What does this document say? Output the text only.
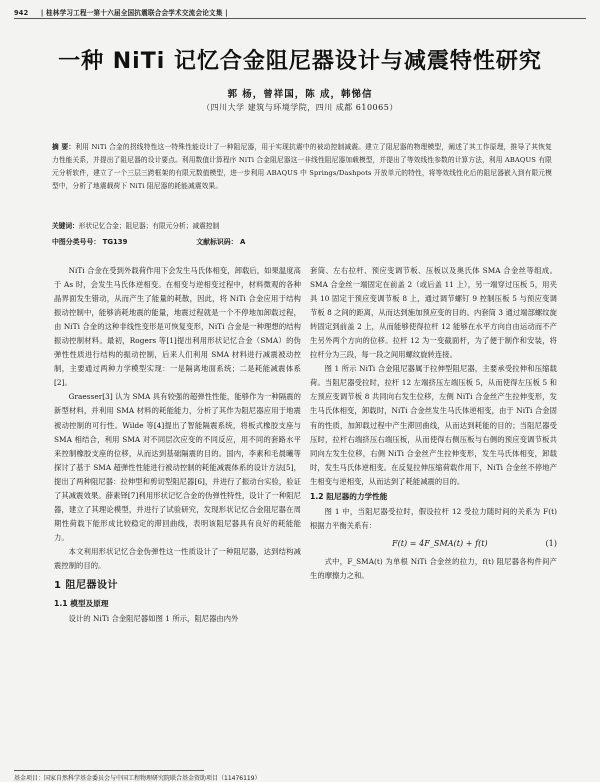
942 | 桂林学习工程一第十六届全国抗震联合会学术交流会论文集 |
一种 NiTi 记忆合金阻尼器设计与减震特性研究
郭 杨，曾祥国，陈 成，韩悌信
（四川大学 建筑与环境学院，四川 成都 610065）
摘 要：利用 NiTi 合金的拐线特性这一特殊性能设计了一种阻尼器，用于实现抗震中的被动控制减震。建立了阻尼器的物理模型，阐述了其工作原理，推导了其恢复力性能关系，并提出了阻尼器的设计要点。利用数值计算程序 NiTi 合金阻尼器这一非线性阻尼器加载模型，并提出了等效线性参数的计算方法，利用 ABAQUS 有限元分析软件，建立了一个三层三跨框架的有限元数值模型，进一步利用 ABAQUS 中 Springs/Dashpots 开放单元的特性，将等效线性化后的阻尼器嵌入到有限元模型中，分析了地震载荷下 NiTi 阻尼器的耗能减震效果。
关键词：形状记忆合金；阻尼器；有限元分析；减震控制
中图分类号号： TG139	文献标识码： A

NiTi 合金在受到外载荷作用下会发生马氏体相变，卸载后，如果温度高于 As 时，会发生马氏体逆相变。在相变与逆相变过程中，材料微观的各种晶界面发生错动，从而产生了能量的耗散，因此，将 NiTi 合金应用于结构振动控制中，能够消耗地震的能量，地震过程就是一个不停地加卸载过程，由 NiTi 合金的这种非线性变形是可恢复变形，NiTi 合金是一种理想的结构振动控制材料。最初，Rogers 等[1]提出利用形状记忆合金（SMA）的伪弹性性质进行结构的振动控制，后来人们利用 SMA 材料进行减震被动控制，主要通过两种力学模型实现：一是隔离地面系统；二是耗能减震体系[2]。

Graesser[3] 认为 SMA 具有较强的超弹性性能，能够作为一种隔震的新型材料，并利用 SMA 材料的耗能能力，分析了其作为阻尼器应用于地震被动控制的可行性。Wilde 等[4]提出了智能隔震系统，将板式橡胶支座与 SMA 相结合，利用 SMA 对不同层次应变的不同反应，用不同的套路水平来控制橡胶支座的位移，从而达到基础隔震的目的。国内，李素和毛晨曦等探讨了基于 SMA 超弹性性能进行被动控制的耗能减震体系的设计方法[5]，提出了两种阻尼器：拉伸型和剪切型阻尼器[6]，并进行了振动台实验，验证了其减震效果。薛素铎[7]利用形状记忆合金的伪弹性特性，设计了一种阻尼器，建立了其理论模型，并进行了试验研究，发现形状记忆合金阻尼器在周期性荷载下能形成比较稳定的滞回曲线，表明该阻尼器具有良好的耗能能力。

本文利用形状记忆合金伪弹性这一性质设计了一种阻尼器，达到结构减震控制的目的。

1 阻尼器设计
1.1 模型及原理

设计的 NiTi 合金阻尼器如图 1 所示，阻尼器由内外

套筒、左右拉杆、预应变调节板、压板以及奥氏体 SMA 合金丝等组成。SMA 合金丝一端固定在前盖 2（或后盖 11 上），另一端穿过压板 5，用夹具 10 固定于预应变调节板 8 上，通过调节螺钉 9 控制压板 5 与预应变调节板 8 之间的距离，从而达到施加预应变的目的。内套筒 3 通过端部螺纹旋转固定到前盖 2 上，从而能够使得拉杆 12 能够在水平方向自由运动而不产生另外两个方向的位移。拉杆 12 为一变截面杆，为了便于制作和安装，将拉杆分为三段，每一段之间用螺纹旋转连接。

图 1 所示 NiTi 合金阻尼器属于拉伸型阻尼器，主要承受拉伸和压缩载荷。当阻尼器受拉时，拉杆 12 左端挤压左端压板 5，从而使得左压板 5 和左预应变调节板 8 共同向右发生位移，左侧 NiTi 合金丝产生拉伸变形，发生马氏体相变，卸载时，NiTi 合金丝发生马氏体逆相变，由于 NiTi 合金固有的性质，加卸载过程中产生滞回曲线，从而达到耗能的目的；当阻尼器受压时，拉杆右端挤压右端压板，从而使得右侧压板与右侧的预应变调节板共同向左发生位移，右侧 NiTi 合金丝产生拉伸变形，发生马氏体相变，卸载时，发生马氏体逆相变。在反复拉伸压缩荷载作用下，NiTi 合金丝不停地产生相变与逆相变，从而达到了耗能减震的目的。

1.2 阻尼器的力学性能

图 1 中，当阻尼器受拉时，假设拉杆 12 受拉力随时间的关系为 F(t) 根据力平衡关系有：

F(t) = 4F_SMA(t) + f(t)	(1)

式中，F_SMA(t) 为单根 NiTi 合金丝的拉力，f(t) 阻尼器各构件间产生的摩擦力之和。

基金项目：国家自然科学基金委员会与中国工程物理研究院联合基金资助项目（11476119）
